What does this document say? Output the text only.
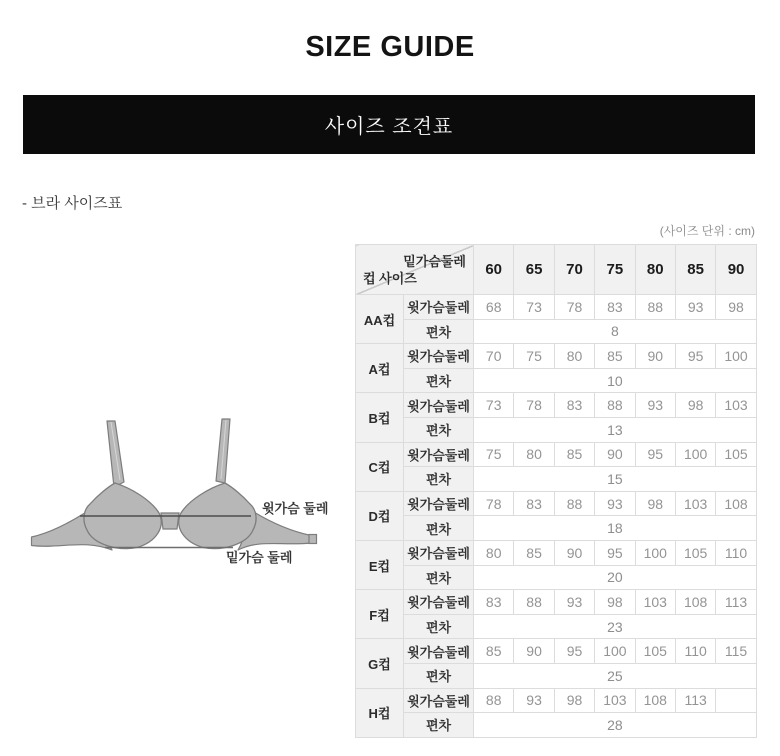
SIZE GUIDE
사이즈 조견표
- 브라 사이즈표
(사이즈 단위 : cm)
윗가슴 둘레
밑가슴 둘레
밑가슴둘레
컵 사이즈		60	65	70	75	80	85	90
AA컵	윗가슴둘레	68	73	78	83	88	93	98
	편차	8						
A컵	윗가슴둘레	70	75	80	85	90	95	100
	편차	10						
B컵	윗가슴둘레	73	78	83	88	93	98	103
	편차	13						
C컵	윗가슴둘레	75	80	85	90	95	100	105
	편차	15						
D컵	윗가슴둘레	78	83	88	93	98	103	108
	편차	18						
E컵	윗가슴둘레	80	85	90	95	100	105	110
	편차	20						
F컵	윗가슴둘레	83	88	93	98	103	108	113
	편차	23						
G컵	윗가슴둘레	85	90	95	100	105	110	115
	편차	25						
H컵	윗가슴둘레	88	93	98	103	108	113	
	편차	28						
